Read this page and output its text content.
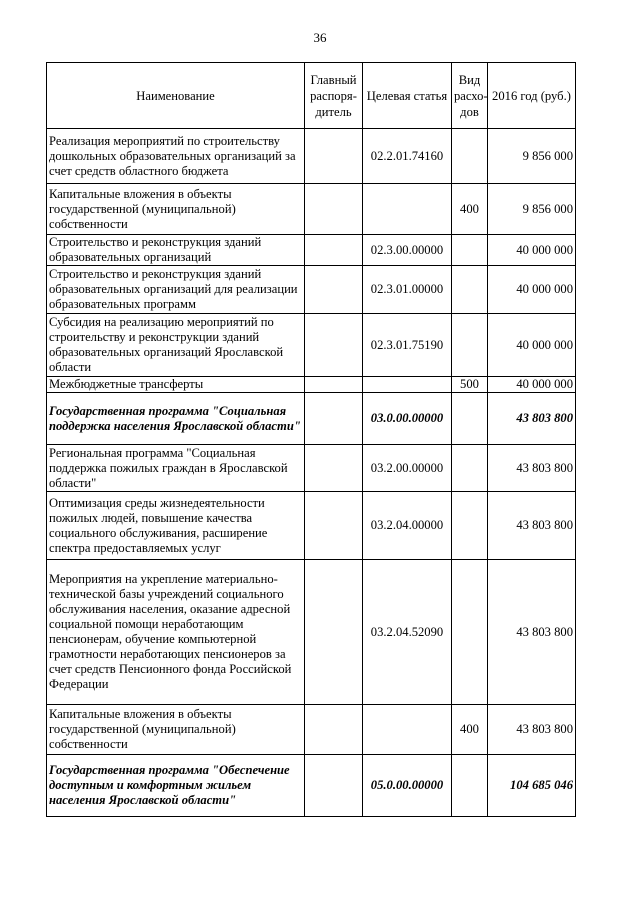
36
Наименование	Главный распоря-дитель	Целевая статья	Вид расхо-дов	2016 год (руб.)
Реализация мероприятий по строительству дошкольных образовательных организаций за счет средств областного бюджета		02.2.01.74160		9 856 000
Капитальные вложения в объекты государственной (муниципальной) собственности			400	9 856 000
Строительство и реконструкция зданий образовательных организаций		02.3.00.00000		40 000 000
Строительство и реконструкция зданий образовательных организаций для реализации образовательных программ		02.3.01.00000		40 000 000
Субсидия на реализацию мероприятий по строительству и реконструкции зданий образовательных организаций Ярославской области		02.3.01.75190		40 000 000
Межбюджетные трансферты			500	40 000 000
Государственная программа "Социальная поддержка населения Ярославской области"		03.0.00.00000		43 803 800
Региональная программа "Социальная поддержка пожилых граждан в Ярославской области"		03.2.00.00000		43 803 800
Оптимизация среды жизнедеятельности пожилых людей, повышение качества социального обслуживания, расширение спектра предоставляемых услуг		03.2.04.00000		43 803 800
Мероприятия на укрепление материально-технической базы учреждений социального обслуживания населения, оказание адресной социальной помощи неработающим пенсионерам, обучение компьютерной грамотности неработающих пенсионеров за счет средств Пенсионного фонда Российской Федерации		03.2.04.52090		43 803 800
Капитальные вложения в объекты государственной (муниципальной) собственности			400	43 803 800
Государственная программа "Обеспечение доступным и комфортным жильем населения Ярославской области"		05.0.00.00000		104 685 046
